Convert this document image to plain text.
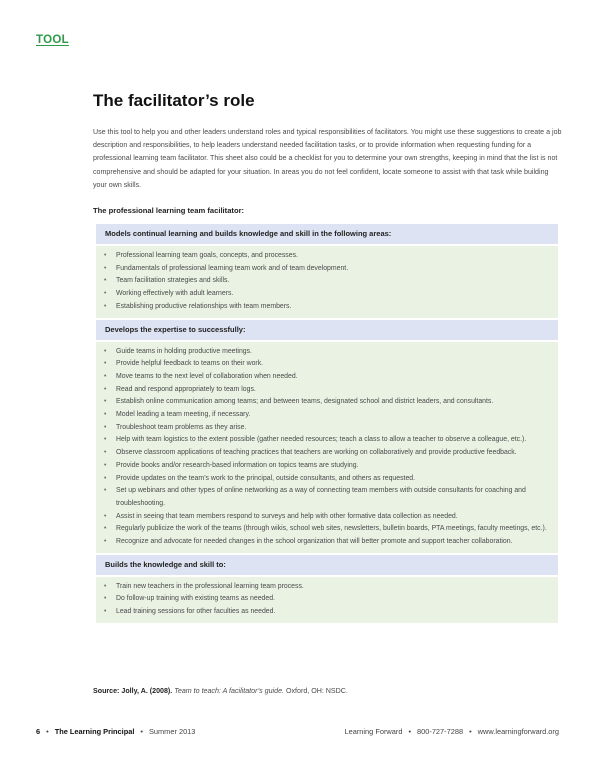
TOOL
The facilitator’s role

Use this tool to help you and other leaders understand roles and typical responsibilities of facilitators. You might use these suggestions to create a job description and responsibilities, to help leaders understand needed facilitation tasks, or to provide information when requesting funding for a professional learning team facilitator. This sheet also could be a checklist for you to determine your own strengths, keeping in mind that the list is not comprehensive and should be adapted for your situation. In areas you do not feel confident, locate someone to assist with that task while building your own skills.

The professional learning team facilitator:

Models continual learning and builds knowledge and skill in the following areas:
• Professional learning team goals, concepts, and processes.
• Fundamentals of professional learning team work and of team development.
• Team facilitation strategies and skills.
• Working effectively with adult learners.
• Establishing productive relationships with team members.
Develops the expertise to successfully:
• Guide teams in holding productive meetings.
• Provide helpful feedback to teams on their work.
• Move teams to the next level of collaboration when needed.
• Read and respond appropriately to team logs.
• Establish online communication among teams; and between teams, designated school and district leaders, and consultants.
• Model leading a team meeting, if necessary.
• Troubleshoot team problems as they arise.
• Help with team logistics to the extent possible (gather needed resources; teach a class to allow a teacher to observe a colleague, etc.).
• Observe classroom applications of teaching practices that teachers are working on collaboratively and provide productive feedback.
• Provide books and/or research-based information on topics teams are studying.
• Provide updates on the team’s work to the principal, outside consultants, and others as requested.
• Set up webinars and other types of online networking as a way of connecting team members with outside consultants for coaching and troubleshooting.
• Assist in seeing that team members respond to surveys and help with other formative data collection as needed.
• Regularly publicize the work of the teams (through wikis, school web sites, newsletters, bulletin boards, PTA meetings, faculty meetings, etc.).
• Recognize and advocate for needed changes in the school organization that will better promote and support teacher collaboration.
Builds the knowledge and skill to:
• Train new teachers in the professional learning team process.
• Do follow-up training with existing teams as needed.
• Lead training sessions for other faculties as needed.

Source: Jolly, A. (2008). Team to teach: A facilitator’s guide. Oxford, OH: NSDC.

6 • The Learning Principal • Summer 2013	Learning Forward • 800-727-7288 • www.learningforward.org
